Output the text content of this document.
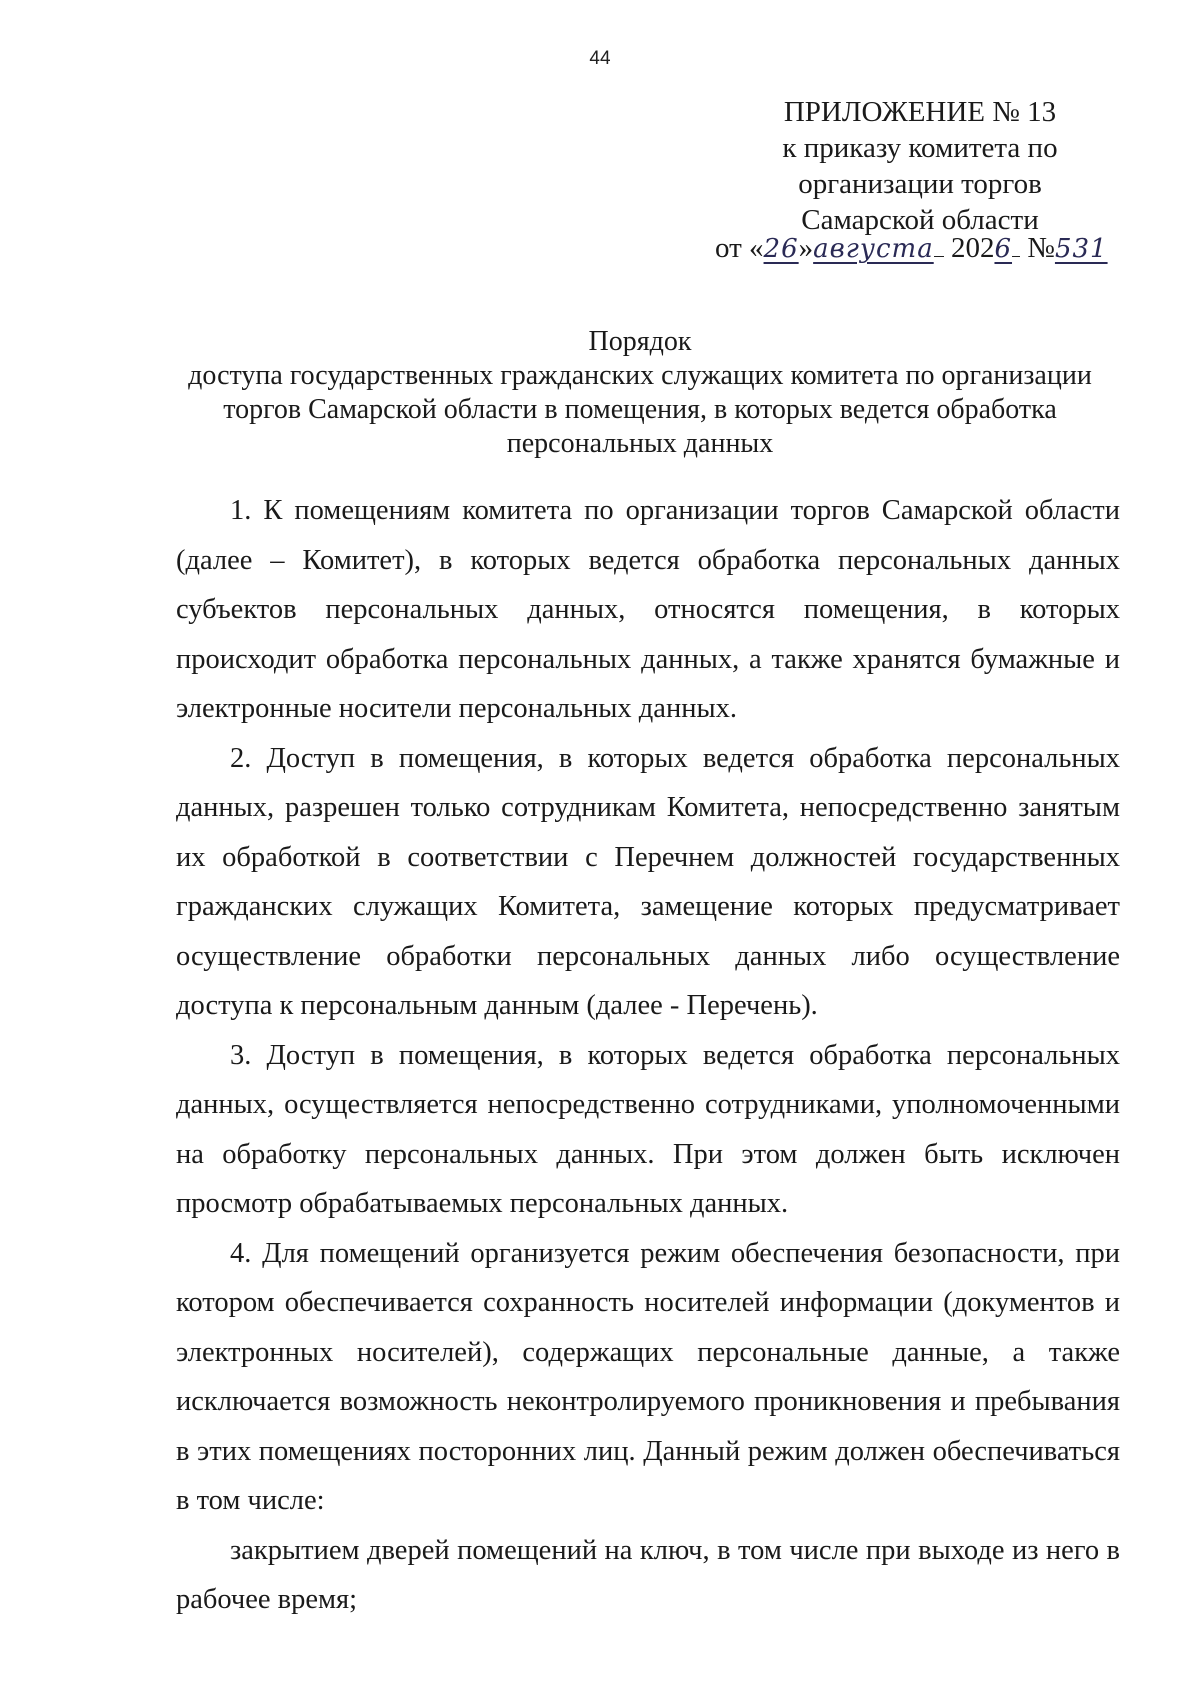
44
ПРИЛОЖЕНИЕ № 13
к приказу комитета по
организации торгов
Самарской области
от «26»августа 2026 №531
Порядок
доступа государственных гражданских служащих комитета по организации
торгов Самарской области в помещения, в которых ведется обработка
персональных данных

1. К помещениям комитета по организации торгов Самарской области (далее – Комитет), в которых ведется обработка персональных данных субъектов персональных данных, относятся помещения, в которых происходит обработка персональных данных, а также хранятся бумажные и электронные носители персональных данных.

2. Доступ в помещения, в которых ведется обработка персональных данных, разрешен только сотрудникам Комитета, непосредственно занятым их обработкой в соответствии с Перечнем должностей государственных гражданских служащих Комитета, замещение которых предусматривает осуществление обработки персональных данных либо осуществление доступа к персональным данным (далее - Перечень).

3. Доступ в помещения, в которых ведется обработка персональных данных, осуществляется непосредственно сотрудниками, уполномоченными на обработку персональных данных. При этом должен быть исключен просмотр обрабатываемых персональных данных.

4. Для помещений организуется режим обеспечения безопасности, при котором обеспечивается сохранность носителей информации (документов и электронных носителей), содержащих персональные данные, а также исключается возможность неконтролируемого проникновения и пребывания в этих помещениях посторонних лиц. Данный режим должен обеспечиваться в том числе:

закрытием дверей помещений на ключ, в том числе при выходе из него в рабочее время;
